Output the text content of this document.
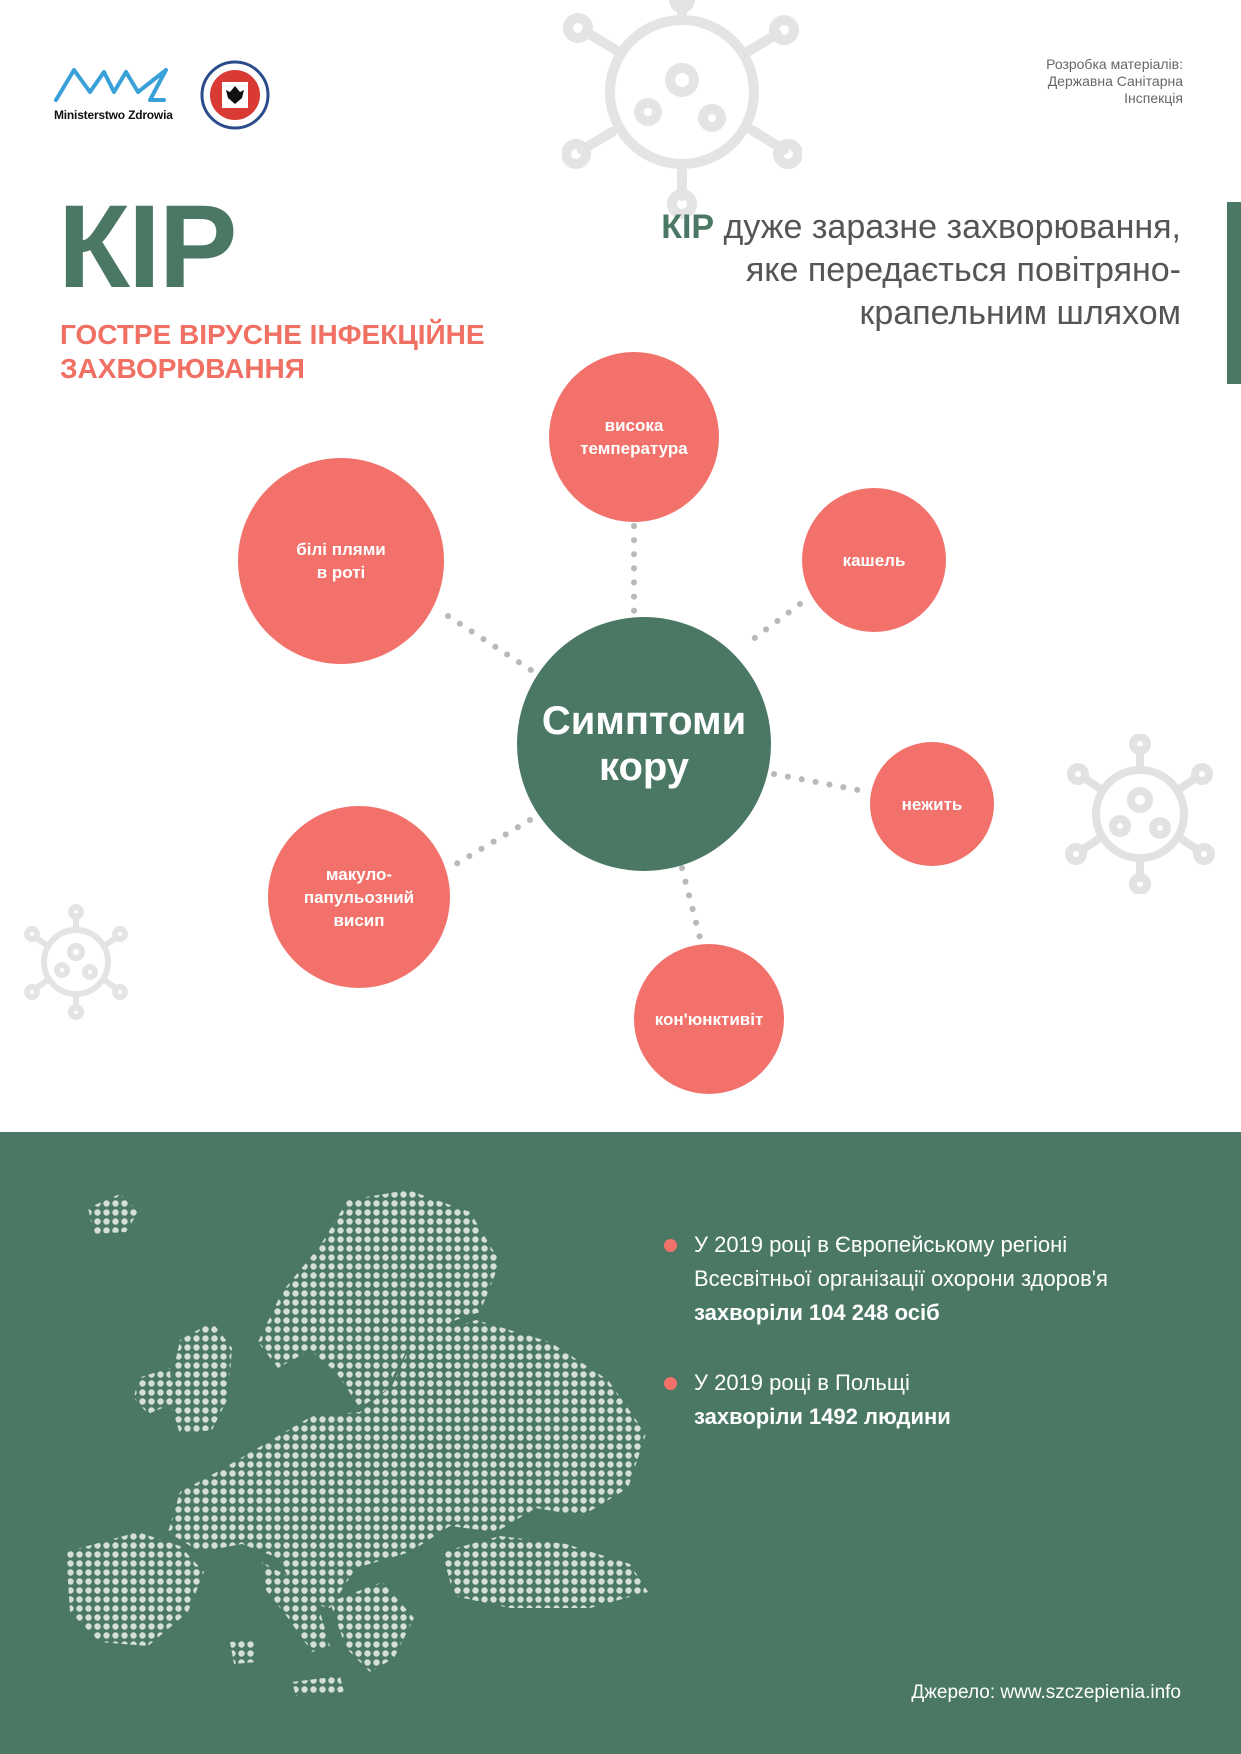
Ministerstwo Zdrowia
Розробка матеріалів:
Державна Санітарна
Інспекція
КІР
ГОСТРЕ ВІРУСНЕ ІНФЕКЦІЙНЕ ЗАХВОРЮВАННЯ
КІР дуже заразне захворювання, яке передається повітряно-крапельним шляхом
висока
температура
кашель
нежить
кон'юнктивіт
макуло-
папульозний
висип
білі плями
в роті
Симптоми
кору
У 2019 році в Європейському регіоні Всесвітньої організації охорони здоров'я захворіли 104 248 осіб
У 2019 році в Польщі
захворіли 1492 людини
Джерело: www.szczepienia.info
